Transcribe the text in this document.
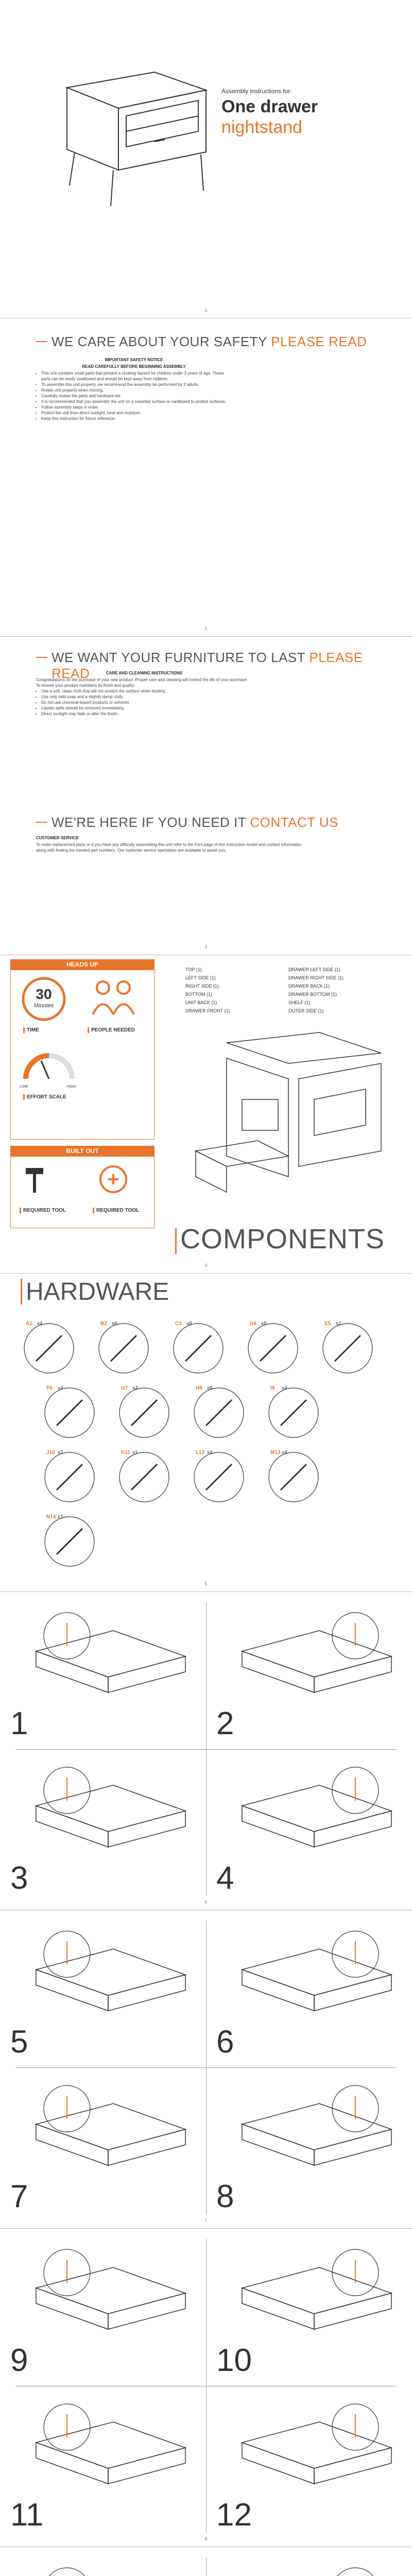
Assembly instructions for:
One drawer
nightstand
1
WE CARE ABOUT YOUR SAFETY PLEASE READ
IMPORTANT SAFETY NOTICE
READ CAREFULLY BEFORE BEGINNING ASSEMBLY
• This unit contains small parts that present a choking hazard for children under 3 years of age. These parts can be easily swallowed and should be kept away from children.
• To assemble this unit properly, we recommend the assembly be performed by 2 adults.
• Rotate unit properly when moving.
• Carefully review the parts and hardware list.
• It is recommended that you assemble the unit on a carpeted surface or cardboard to protect surfaces.
• Follow assembly steps in order.
• Protect the unit from direct sunlight, heat and moisture.
• Keep this instruction for future reference.
2
WE WANT YOUR FURNITURE TO LAST PLEASE READ	CARE AND CLEANING INSTRUCTIONS

Congratulations on the purchase of your new product. Proper care and cleaning will extend the life of your purchase. To ensure your product maintains its finish and quality:

• Use a soft, clean cloth that will not scratch the surface when dusting.
• Use only mild soap and a slightly damp cloth.
• Do not use chemical-based products or solvents.
• Liquids spills should be removed immediately.
• Direct sunlight may fade or alter the finish.
WE'RE HERE IF YOU NEED IT CONTACT US
CUSTOMER SERVICE

To order replacement parts or if you have any difficulty assembling this unit refer to the front page of this instruction model and contact information along with finding the needed part numbers. Our customer service specialists are available to assist you.

3
HEADS UP
30
Minutes
TIME	PEOPLE NEEDED
LOW	HIGH
EFFORT SCALE
BUILT OUT
REQUIRED TOOL	REQUIRED TOOL
TOP (1)
LEFT SIDE (1)
RIGHT SIDE (1)
BOTTOM (1)
UNIT BACK (1)
DRAWER FRONT (1)
DRAWER LEFT SIDE (1)
DRAWER RIGHT SIDE (1)
DRAWER BACK (1)
DRAWER BOTTOM (1)
SHELF (1)
OUTER SIDE (1)
COMPONENTS
4
HARDWARE
A1 x4	B2 x8	C3 x8	D4 x8	E5 x2
F6 x4	G7 x4	H8 x8	I9 x4
J10 x2	K11 x1	L12 x4	M13 x4
N14 x1
5
1	2
3	4
6
5	6
7	8
7
9	10
11	12
8
